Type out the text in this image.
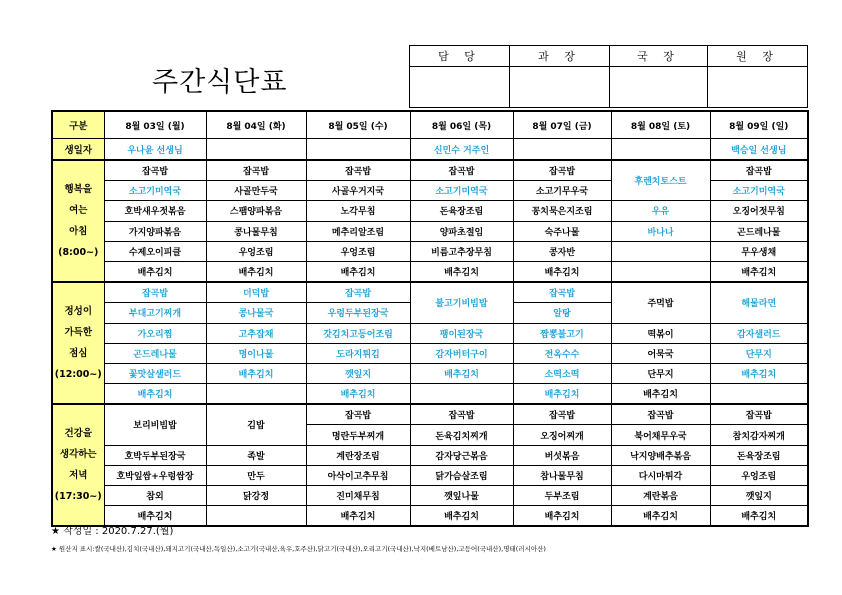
주간식단표
담 당	과 장	국 장	원 장

구분	8월 03일 (월)	8월 04일 (화)	8월 05일 (수)	8월 06일 (목)	8월 07일 (금)	8월 08일 (토)	8월 09일 (일)
생일자	우나윤 선생님			신민수 거주인			백승일 선생님

행복을
여는
아침
(8:00~)	잡곡밥	잡곡밥	잡곡밥	잡곡밥	잡곡밥	후렌치토스트	잡곡밥
	소고기미역국	사골만두국	사골우거지국	소고기미역국	소고기무우국		소고기미역국
	호박새우젓볶음	스팸양파볶음	노각무침	돈육장조림	꽁치묵은지조림	우유	오징어젓무침
	가지양파볶음	콩나물무침	메추리알조림	양파초절임	숙주나물	바나나	곤드레나물
	수제오이피클	우엉조림	우엉조림	비름고추장무침	콩자반		무우생채
	배추김치	배추김치	배추김치	배추김치	배추김치		배추김치

정성이
가득한
점심
(12:00~)	잡곡밥	더덕밥	잡곡밥	불고기비빔밥	잡곡밥	주먹밥	해물라면
	부대고기찌개	콩나물국	우렁두부된장국		알탕		
	가오리찜	고추잡채	갓김치고등어조림	팽이된장국	짬뽕불고기	떡볶이	감자샐러드
	곤드레나물	명이나물	도라지튀김	감자버터구이	전옥수수	어묵국	단무지
	꽃맛살샐러드	배추김치	깻잎지	배추김치	소떡소떡	단무지	배추김치
	배추김치		배추김치		배추김치	배추김치	

건강을
생각하는
저녁
(17:30~)	보리비빔밥	김밥	잡곡밥	잡곡밥	잡곡밥	잡곡밥	잡곡밥
			명란두부찌개	돈육김치찌개	오징어찌개	북어채무우국	참치감자찌개
	호박두부된장국	족발	계란장조림	감자당근볶음	버섯볶음	낙지양배추볶음	돈육장조림
	호박잎쌈+우렁쌈장	만두	아삭이고추무침	닭가슴살조림	참나물무침	다시마튀각	우엉조림
	참외	닭강정	진미채무침	깻잎나물	두부조림	계란볶음	깻잎지
	배추김치		배추김치	배추김치	배추김치	배추김치	배추김치
★ 작성일 : 2020.7.27.(월)
★ 원산지 표시:쌀(국내산),김치(국내산),돼지고기(국내산,독일산),소고기(국내산,육우,호주산),닭고기(국내산),오리고기(국내산),낙지(베트남산),고등어(국내산),명태(러시아산)
